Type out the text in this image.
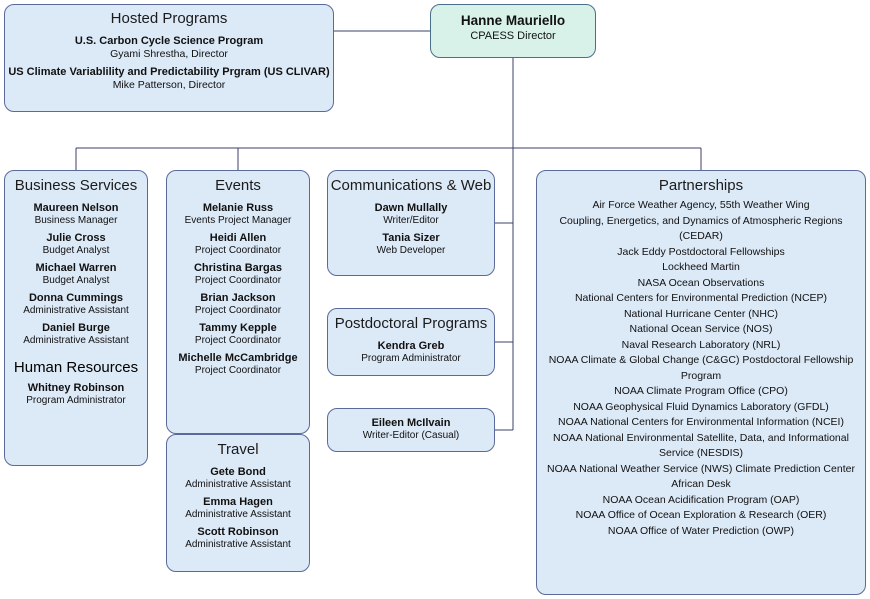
Hosted Programs
U.S. Carbon Cycle Science Program
Gyami Shrestha, Director
US Climate Variablility and Predictability Prgram (US CLIVAR)
Mike Patterson, Director
Hanne Mauriello
CPAESS Director
Business Services
Maureen Nelson
Business Manager
Julie Cross
Budget Analyst
Michael Warren
Budget Analyst
Donna Cummings
Administrative Assistant
Daniel Burge
Administrative Assistant
Human Resources
Whitney Robinson
Program Administrator
Events
Melanie Russ
Events Project Manager
Heidi Allen
Project Coordinator
Christina Bargas
Project Coordinator
Brian Jackson
Project Coordinator
Tammy Kepple
Project Coordinator
Michelle McCambridge
Project Coordinator
Travel
Gete Bond
Administrative Assistant
Emma Hagen
Administrative Assistant
Scott Robinson
Administrative Assistant
Communications & Web
Dawn Mullally
Writer/Editor
Tania Sizer
Web Developer
Postdoctoral Programs
Kendra Greb
Program Administrator
Eileen McIlvain
Writer-Editor (Casual)
Partnerships
Air Force Weather Agency, 55th Weather Wing
Coupling, Energetics, and Dynamics of Atmospheric Regions (CEDAR)
Jack Eddy Postdoctoral Fellowships
Lockheed Martin
NASA Ocean Observations
National Centers for Environmental Prediction (NCEP)
National Hurricane Center (NHC)
National Ocean Service (NOS)
Naval Research Laboratory (NRL)
NOAA Climate & Global Change (C&GC) Postdoctoral Fellowship Program
NOAA Climate Program Office (CPO)
NOAA Geophysical Fluid Dynamics Laboratory (GFDL)
NOAA National Centers for Environmental Information (NCEI)
NOAA National Environmental Satellite, Data, and Informational Service (NESDIS)
NOAA National Weather Service (NWS) Climate Prediction Center African Desk
NOAA Ocean Acidification Program (OAP)
NOAA Office of Ocean Exploration & Research (OER)
NOAA Office of Water Prediction (OWP)
